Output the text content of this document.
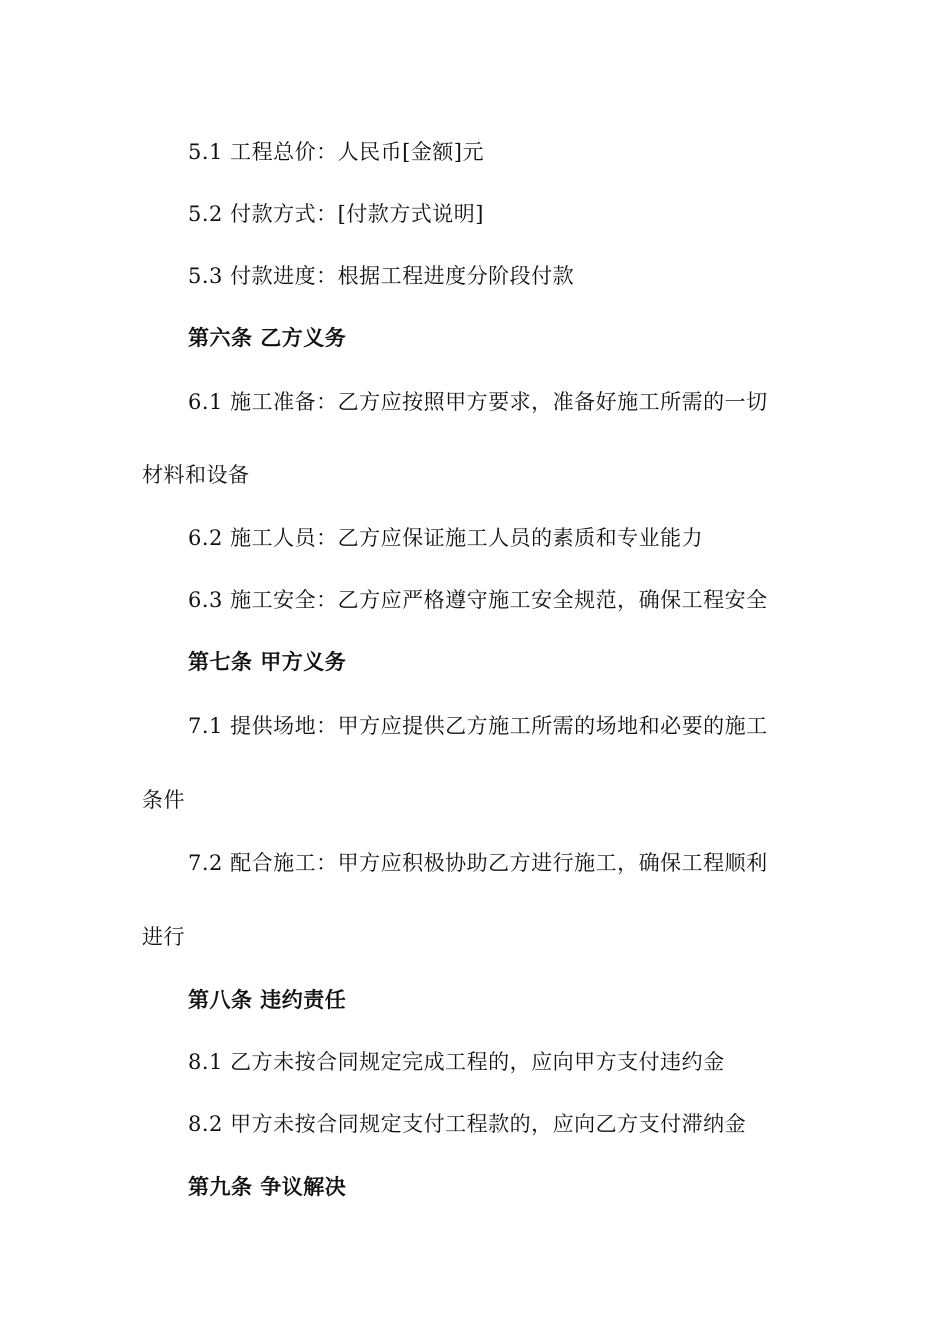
5.1 工程总价：人民币[金额]元
5.2 付款方式：[付款方式说明]
5.3 付款进度：根据工程进度分阶段付款
第六条 乙方义务
6.1 施工准备：乙方应按照甲方要求，准备好施工所需的一切
材料和设备
6.2 施工人员：乙方应保证施工人员的素质和专业能力
6.3 施工安全：乙方应严格遵守施工安全规范，确保工程安全
第七条 甲方义务
7.1 提供场地：甲方应提供乙方施工所需的场地和必要的施工
条件
7.2 配合施工：甲方应积极协助乙方进行施工，确保工程顺利
进行
第八条 违约责任
8.1 乙方未按合同规定完成工程的，应向甲方支付违约金
8.2 甲方未按合同规定支付工程款的，应向乙方支付滞纳金
第九条 争议解决
